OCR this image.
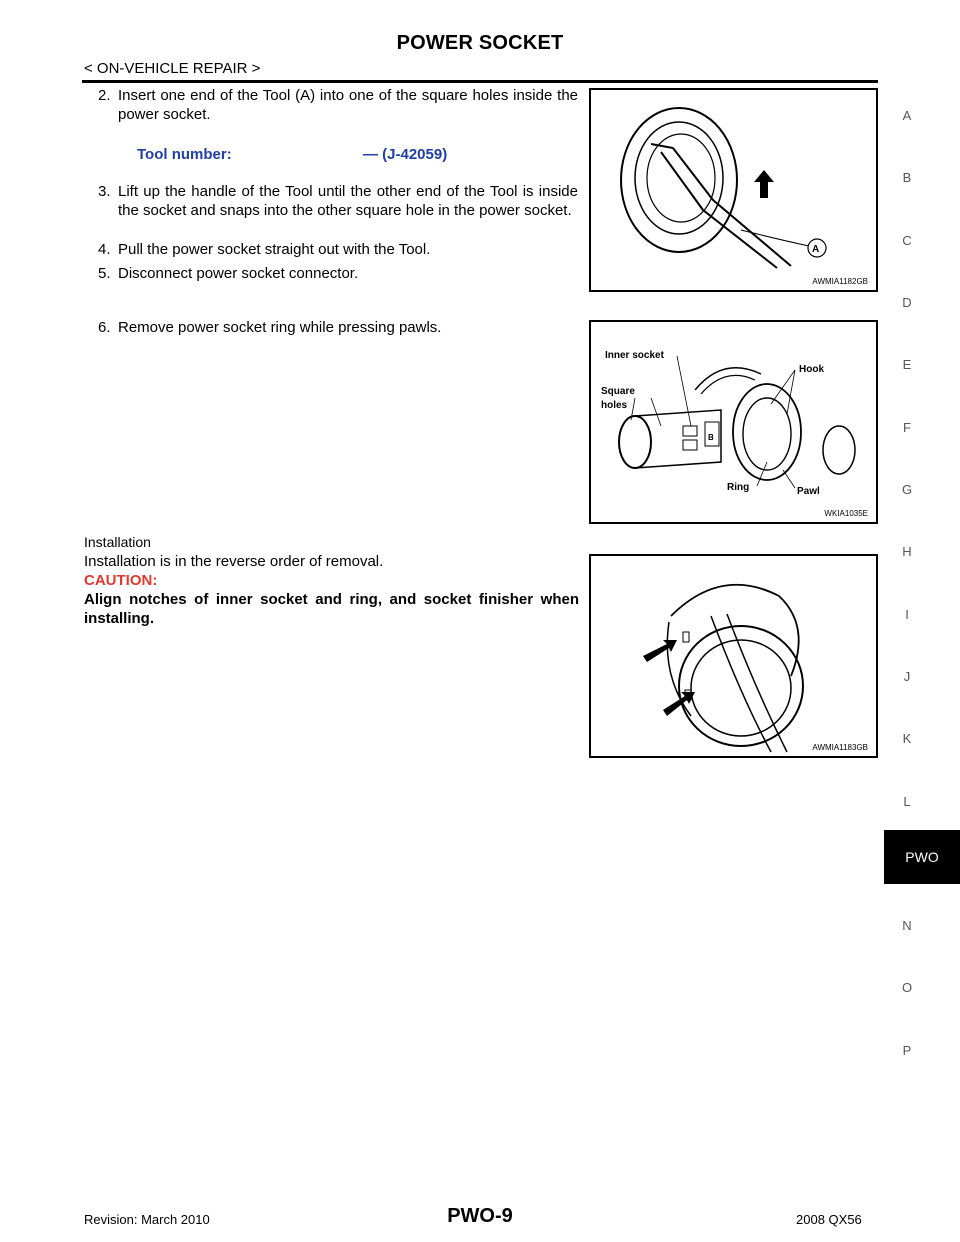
POWER SOCKET
< ON-VEHICLE REPAIR >
2. Insert one end of the Tool (A) into one of the square holes inside the power socket.
Tool number:	— (J-42059)
3. Lift up the handle of the Tool until the other end of the Tool is inside the socket and snaps into the other square hole in the power socket.
4. Pull the power socket straight out with the Tool.
5. Disconnect power socket connector.
6. Remove power socket ring while pressing pawls.
Installation
Installation is in the reverse order of removal.
CAUTION:
Align notches of inner socket and ring, and socket finisher when installing.
A
AWMIA1182GB
B
Inner socket
Square
holes
Hook
Ring	Pawl
WKIA1035E
AWMIA1183GB
A
B
C
D
E
F
G
H
I
J
K
L
PWO
N
O
P
PWO-9
Revision: March 2010	2008 QX56
